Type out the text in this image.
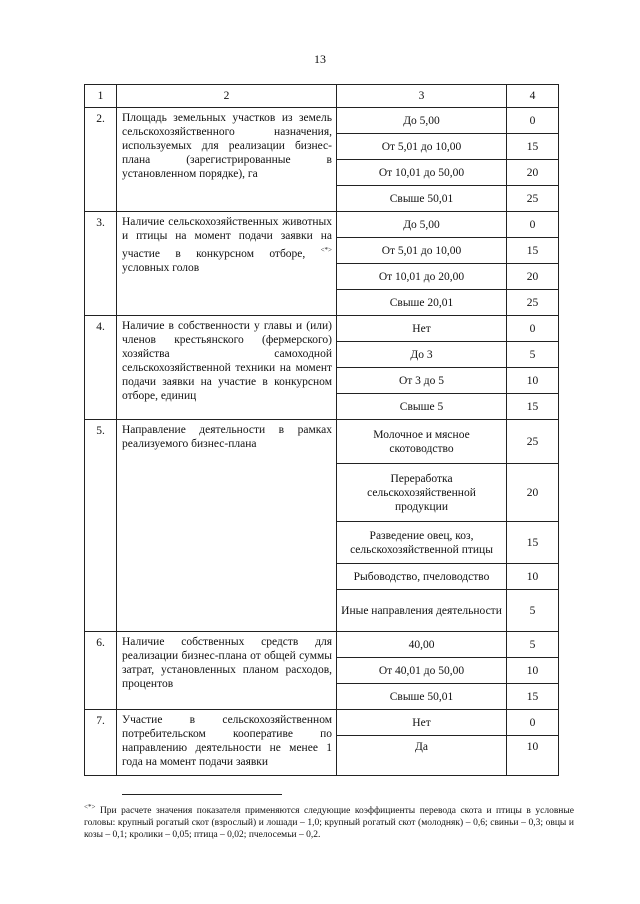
13
1	2	3	4
2.	Площадь земельных участков из земель сельскохозяйственного назначения, используемых для реализации бизнес-плана (зарегистрированные в установленном порядке), га	До 5,00	0
		От 5,01 до 10,00	15
		От 10,01 до 50,00	20
		Свыше 50,01	25
3.	Наличие сельскохозяйственных животных и птицы на момент подачи заявки на участие в конкурсном отборе, <*> условных голов	До 5,00	0
		От 5,01 до 10,00	15
		От 10,01 до 20,00	20
		Свыше 20,01	25
4.	Наличие в собственности у главы и (или) членов крестьянского (фермерского) хозяйства самоходной сельскохозяйственной техники на момент подачи заявки на участие в конкурсном отборе, единиц	Нет	0
		До 3	5
		От 3 до 5	10
		Свыше 5	15
5.	Направление деятельности в рамках реализуемого бизнес-плана	Молочное и мясное скотоводство	25
		Переработка сельскохозяйственной продукции	20
		Разведение овец, коз, сельскохозяйственной птицы	15
		Рыбоводство, пчеловодство	10
		Иные направления деятельности	5
6.	Наличие собственных средств для реализации бизнес-плана от общей суммы затрат, установленных планом расходов, процентов	40,00	5
		От 40,01 до 50,00	10
		Свыше 50,01	15
7.	Участие в сельскохозяйственном потребительском кооперативе по направлению деятельности не менее 1 года на момент подачи заявки	Нет	0
		Да	10
<*> При расчете значения показателя применяются следующие коэффициенты перевода скота и птицы в условные головы: крупный рогатый скот (взрослый) и лошади – 1,0; крупный рогатый скот (молодняк) – 0,6; свиньи – 0,3; овцы и козы – 0,1; кролики – 0,05; птица – 0,02; пчелосемьи – 0,2.
